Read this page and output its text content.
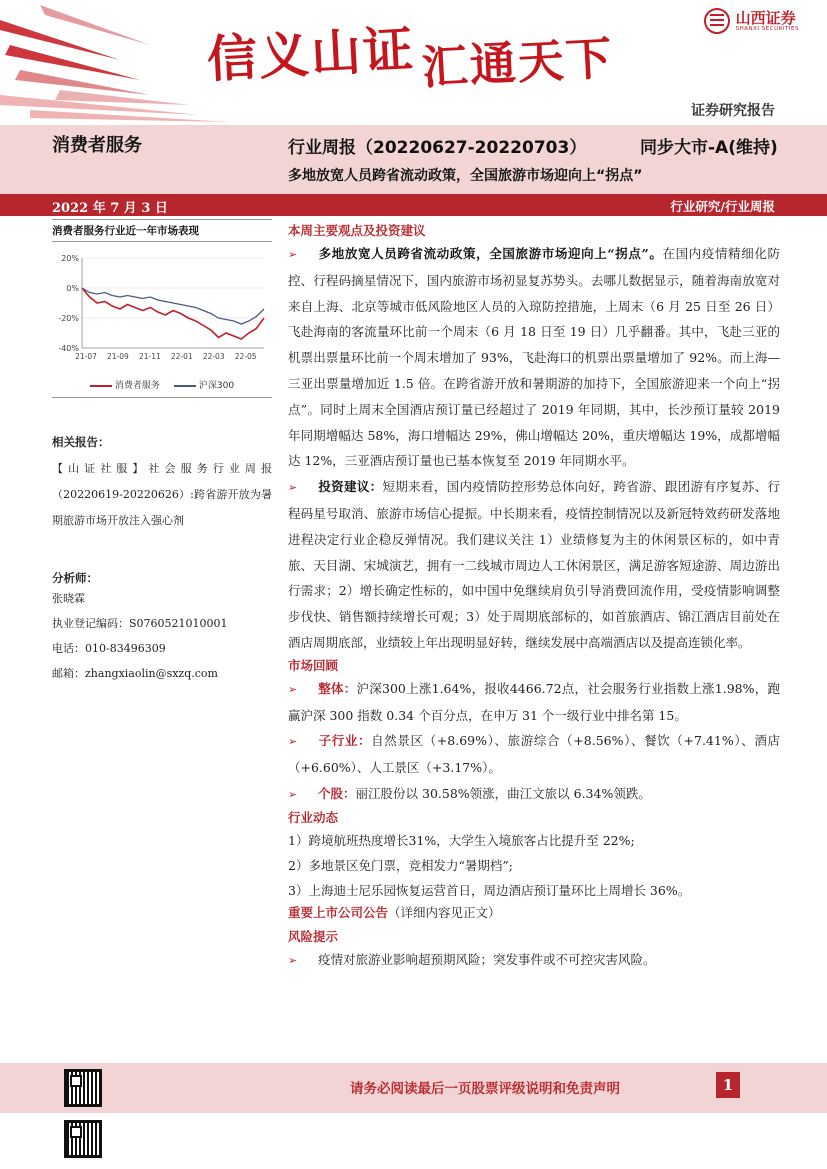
信义山证汇通天下
山西证券
SHANXI SECURITIES
证券研究报告
消费者服务	行业周报（20220627-20220703）	同步大市-A(维持)
多地放宽人员跨省流动政策，全国旅游市场迎向上“拐点”
2022 年 7 月 3 日	行业研究/行业周报
消费者服务行业近一年市场表现
20%
0%
-20%
-40%
21-07 21-09 21-11 22-01 22-03 22-05
消费者服务	沪深300
相关报告：
【山证社服】社会服务行业周报（20220619-20220626）:跨省游开放为暑期旅游市场开放注入强心剂
分析师：
张晓霖
执业登记编码：S0760521010001
电话：010-83496309
邮箱：zhangxiaolin@sxzq.com
本周主要观点及投资建议

➢ 多地放宽人员跨省流动政策，全国旅游市场迎向上“拐点”。在国内疫情精细化防控、行程码摘星情况下，国内旅游市场初显复苏势头。去哪儿数据显示，随着海南放宽对来自上海、北京等城市低风险地区人员的入琼防控措施，上周末（6 月 25 日至 26 日）飞赴海南的客流量环比前一个周末（6 月 18 日至 19 日）几乎翻番。其中，飞赴三亚的机票出票量环比前一个周末增加了 93%，飞赴海口的机票出票量增加了 92%。而上海—三亚出票量增加近 1.5 倍。在跨省游开放和暑期游的加持下，全国旅游迎来一个向上“拐点”。同时上周末全国酒店预订量已经超过了 2019 年同期，其中，长沙预订量较 2019 年同期增幅达 58%，海口增幅达 29%，佛山增幅达 20%，重庆增幅达 19%，成都增幅达 12%，三亚酒店预订量也已基本恢复至 2019 年同期水平。

➢ 投资建议：短期来看，国内疫情防控形势总体向好，跨省游、跟团游有序复苏、行程码星号取消、旅游市场信心提振。中长期来看，疫情控制情况以及新冠特效药研发落地进程决定行业企稳反弹情况。我们建议关注 1）业绩修复为主的休闲景区标的，如中青旅、天目湖、宋城演艺，拥有一二线城市周边人工休闲景区，满足游客短途游、周边游出行需求；2）增长确定性标的，如中国中免继续肩负引导消费回流作用，受疫情影响调整步伐快、销售额持续增长可观；3）处于周期底部标的，如首旅酒店、锦江酒店目前处在酒店周期底部，业绩较上年出现明显好转，继续发展中高端酒店以及提高连锁化率。

市场回顾

➢ 整体：沪深300上涨1.64%，报收4466.72点，社会服务行业指数上涨1.98%，跑赢沪深 300 指数 0.34 个百分点，在申万 31 个一级行业中排名第 15。

➢ 子行业：自然景区（+8.69%）、旅游综合（+8.56%）、餐饮（+7.41%）、酒店（+6.60%）、人工景区（+3.17%）。

➢ 个股：丽江股份以 30.58%领涨，曲江文旅以 6.34%领跌。

行业动态
1）跨境航班热度增长31%，大学生入境旅客占比提升至 22%;
2）多地景区免门票，竞相发力“暑期档”;
3）上海迪士尼乐园恢复运营首日，周边酒店预订量环比上周增长 36%。
重要上市公司公告（详细内容见正文）
风险提示

➢ 疫情对旅游业影响超预期风险；突发事件或不可控灾害风险。

请务必阅读最后一页股票评级说明和免责声明	1
